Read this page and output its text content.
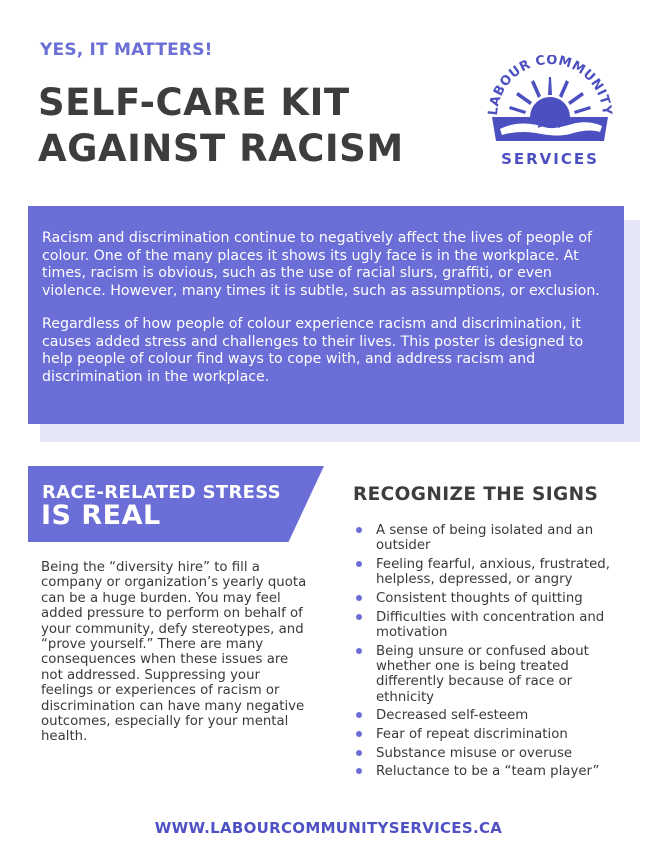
YES, IT MATTERS!
SELF-CARE KIT
AGAINST RACISM
LABOUR COMMUNITY
SERVICES

Racism and discrimination continue to negatively affect the lives of people of colour. One of the many places it shows its ugly face is in the workplace. At times, racism is obvious, such as the use of racial slurs, graffiti, or even violence. However, many times it is subtle, such as assumptions, or exclusion.

Regardless of how people of colour experience racism and discrimination, it causes added stress and challenges to their lives. This poster is designed to help people of colour find ways to cope with, and address racism and discrimination in the workplace.

RACE-RELATED STRESS
IS REAL
Being the “diversity hire” to fill a company or organization’s yearly quota can be a huge burden. You may feel added pressure to perform on behalf of your community, defy stereotypes, and “prove yourself.” There are many consequences when these issues are not addressed. Suppressing your feelings or experiences of racism or discrimination can have many negative outcomes, especially for your mental health.
RECOGNIZE THE SIGNS
A sense of being isolated and an outsider
Feeling fearful, anxious, frustrated, helpless, depressed, or angry
Consistent thoughts of quitting
Difficulties with concentration and motivation
Being unsure or confused about whether one is being treated differently because of race or ethnicity
Decreased self-esteem
Fear of repeat discrimination
Substance misuse or overuse
Reluctance to be a “team player”
WWW.LABOURCOMMUNITYSERVICES.CA
